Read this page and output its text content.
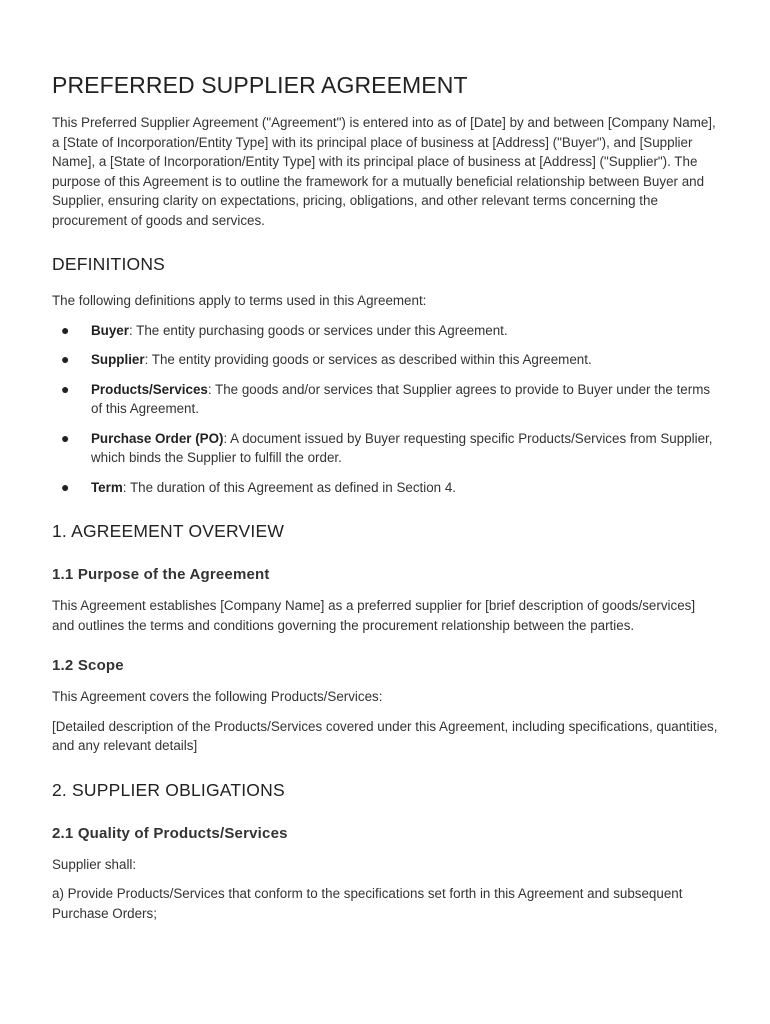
PREFERRED SUPPLIER AGREEMENT

This Preferred Supplier Agreement ("Agreement") is entered into as of [Date] by and between [Company Name], a [State of Incorporation/Entity Type] with its principal place of business at [Address] ("Buyer"), and [Supplier Name], a [State of Incorporation/Entity Type] with its principal place of business at [Address] ("Supplier"). The purpose of this Agreement is to outline the framework for a mutually beneficial relationship between Buyer and Supplier, ensuring clarity on expectations, pricing, obligations, and other relevant terms concerning the procurement of goods and services.

DEFINITIONS

The following definitions apply to terms used in this Agreement:

● Buyer: The entity purchasing goods or services under this Agreement.
● Supplier: The entity providing goods or services as described within this Agreement.
● Products/Services: The goods and/or services that Supplier agrees to provide to Buyer under the terms of this Agreement.
● Purchase Order (PO): A document issued by Buyer requesting specific Products/Services from Supplier, which binds the Supplier to fulfill the order.
● Term: The duration of this Agreement as defined in Section 4.
1. AGREEMENT OVERVIEW
1.1 Purpose of the Agreement

This Agreement establishes [Company Name] as a preferred supplier for [brief description of goods/services] and outlines the terms and conditions governing the procurement relationship between the parties.

1.2 Scope

This Agreement covers the following Products/Services:

[Detailed description of the Products/Services covered under this Agreement, including specifications, quantities, and any relevant details]

2. SUPPLIER OBLIGATIONS
2.1 Quality of Products/Services

Supplier shall:

a) Provide Products/Services that conform to the specifications set forth in this Agreement and subsequent Purchase Orders;
